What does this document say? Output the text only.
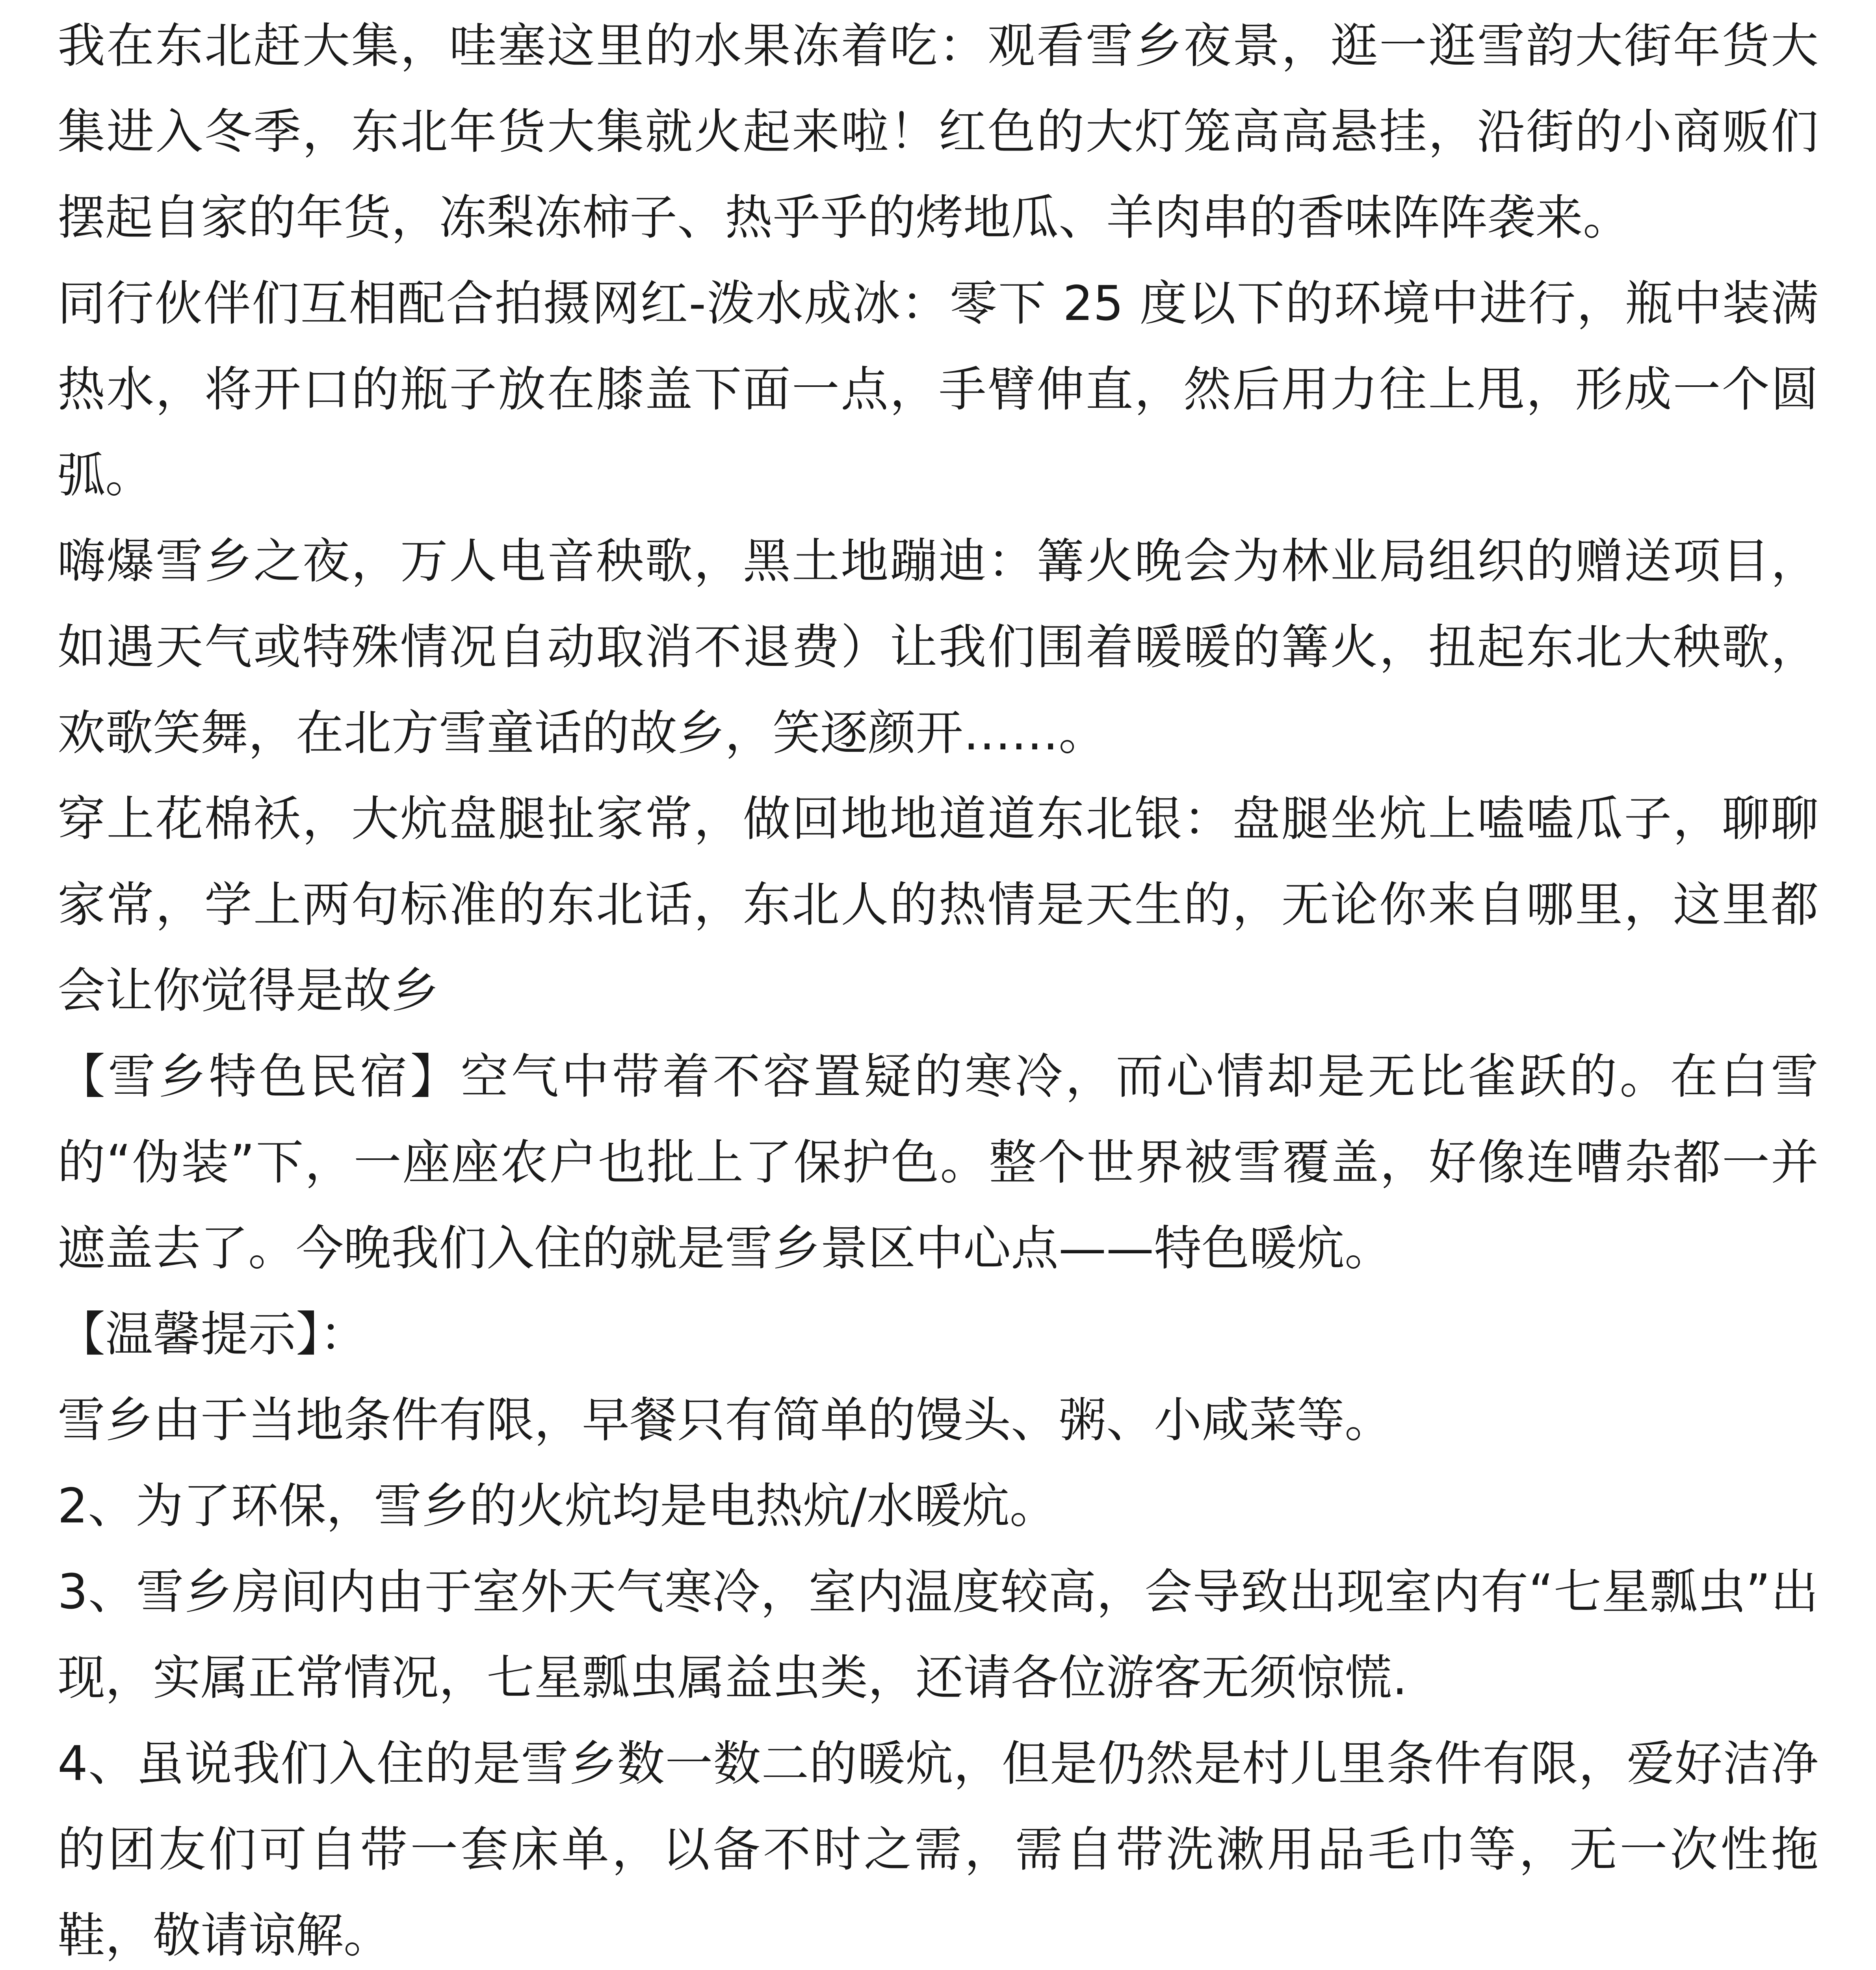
我在东北赶大集，哇塞这里的水果冻着吃：观看雪乡夜景，逛一逛雪韵大街年货大集进入冬季，东北年货大集就火起来啦！红色的大灯笼高高悬挂，沿街的小商贩们摆起自家的年货，冻梨冻柿子、热乎乎的烤地瓜、羊肉串的香味阵阵袭来。

同行伙伴们互相配合拍摄网红-泼水成冰：零下 25 度以下的环境中进行，瓶中装满热水，将开口的瓶子放在膝盖下面一点，手臂伸直，然后用力往上甩，形成一个圆弧。

嗨爆雪乡之夜，万人电音秧歌，黑土地蹦迪：篝火晚会为林业局组织的赠送项目，如遇天气或特殊情况自动取消不退费）让我们围着暖暖的篝火，扭起东北大秧歌，欢歌笑舞，在北方雪童话的故乡，笑逐颜开……。

穿上花棉袄，大炕盘腿扯家常，做回地地道道东北银：盘腿坐炕上嗑嗑瓜子，聊聊家常，学上两句标准的东北话，东北人的热情是天生的，无论你来自哪里，这里都会让你觉得是故乡

【雪乡特色民宿】空气中带着不容置疑的寒冷，而心情却是无比雀跃的。在白雪的“伪装”下，一座座农户也批上了保护色。整个世界被雪覆盖，好像连嘈杂都一并遮盖去了。今晚我们入住的就是雪乡景区中心点——特色暖炕。

【温馨提示】：

雪乡由于当地条件有限，早餐只有简单的馒头、粥、小咸菜等。

2、为了环保，雪乡的火炕均是电热炕/水暖炕。

3、雪乡房间内由于室外天气寒冷，室内温度较高，会导致出现室内有“七星瓢虫”出现，实属正常情况，七星瓢虫属益虫类，还请各位游客无须惊慌.

4、虽说我们入住的是雪乡数一数二的暖炕，但是仍然是村儿里条件有限，爱好洁净的团友们可自带一套床单，以备不时之需，需自带洗漱用品毛巾等，无一次性拖鞋，敬请谅解。
